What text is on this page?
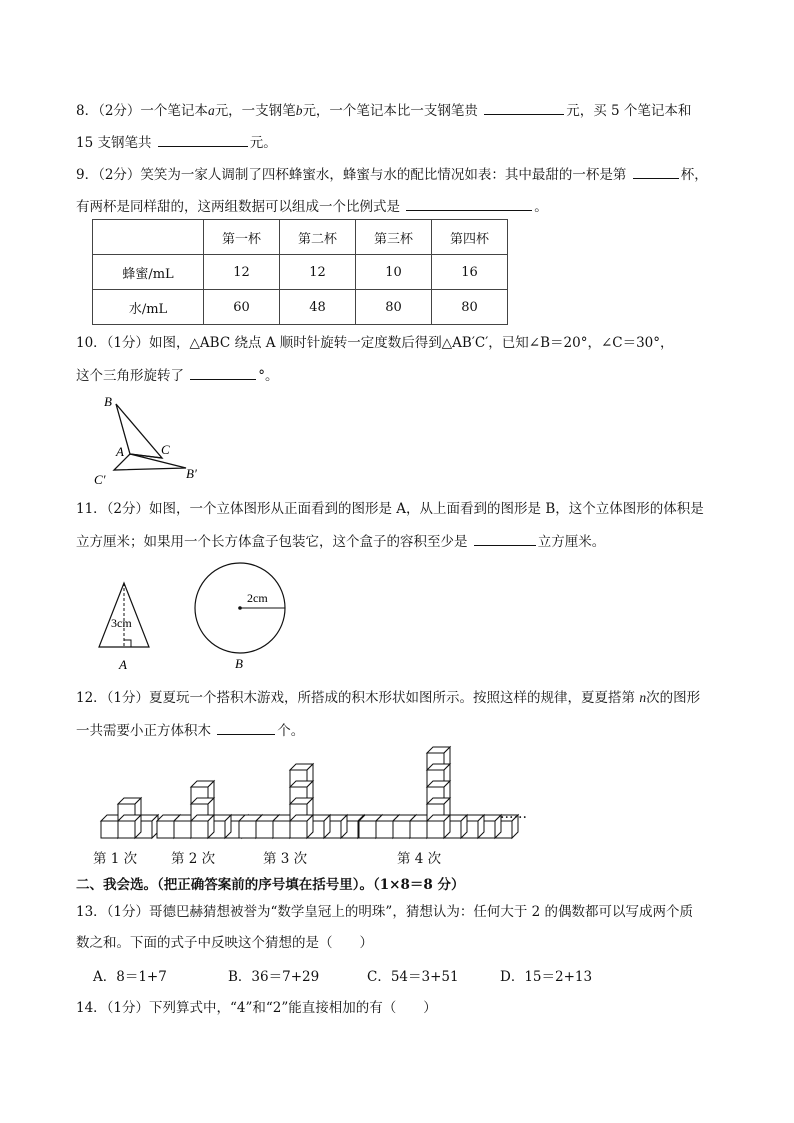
8．（2分）一个笔记本a元，一支钢笔b元，一个笔记本比一支钢笔贵	元，买 5 个笔记本和
15 支钢笔共	元。
9．（2分）笑笑为一家人调制了四杯蜂蜜水，蜂蜜与水的配比情况如表：其中最甜的一杯是第	杯，
有两杯是同样甜的，这两组数据可以组成一个比例式是	。
	第一杯	第二杯	第三杯	第四杯
蜂蜜/mL	12	12	10	16
水/mL	60	48	80	80
10．（1分）如图，△ABC 绕点 A 顺时针旋转一定度数后得到△AB′C′，已知∠B＝20°，∠C＝30°，
这个三角形旋转了	°。
B
A	C
C′	B′
11．（2分）如图，一个立体图形从正面看到的图形是 A，从上面看到的图形是 B，这个立体图形的体积是
立方厘米；如果用一个长方体盒子包装它，这个盒子的容积至少是	立方厘米。
3cm
A
2cm
B
12．（1分）夏夏玩一个搭积木游戏，所搭成的积木形状如图所示。按照这样的规律，夏夏搭第 n次的图形
一共需要小正方体积木	个。
第 1 次	第 2 次	第 3 次	第 4 次
……
二、我会选。（把正确答案前的序号填在括号里）。（1×8＝8 分）
13．（1分）哥德巴赫猜想被誉为“数学皇冠上的明珠”，猜想认为：任何大于 2 的偶数都可以写成两个质
数之和。下面的式子中反映这个猜想的是（　　）
A．8＝1+7	B．36＝7+29	C．54＝3+51	D．15＝2+13
14．（1分）下列算式中，“4”和“2”能直接相加的有（　　）
